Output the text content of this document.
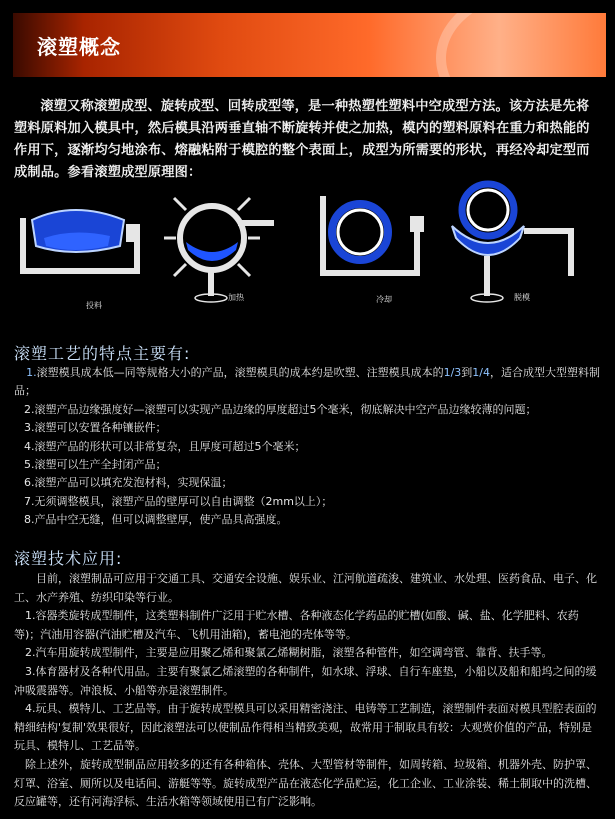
滚塑概念
滚塑又称滚塑成型、旋转成型、回转成型等，是一种热塑性塑料中空成型方法。该方法是先将塑料原料加入模具中，然后模具沿两垂直轴不断旋转并使之加热，模内的塑料原料在重力和热能的作用下，逐渐均匀地涂布、熔融粘附于模腔的整个表面上，成型为所需要的形状，再经冷却定型而成制品。参看滚塑成型原理图：
投料
加热	冷却	脱模
滚塑工艺的特点主要有:

1.滚塑模具成本低—同等规格大小的产品，滚塑模具的成本约是吹塑、注塑模具成本的1/3到1/4，适合成型大型塑料制品；

2.滚塑产品边缘强度好—滚塑可以实现产品边缘的厚度超过5个毫米，彻底解决中空产品边缘较薄的问题；

3.滚塑可以安置各种镶嵌件；

4.滚塑产品的形状可以非常复杂，且厚度可超过5个毫米；

5.滚塑可以生产全封闭产品；

6.滚塑产品可以填充发泡材料，实现保温；

7.无须调整模具，滚塑产品的壁厚可以自由调整（2mm以上）；

8.产品中空无缝，但可以调整壁厚，使产品具高强度。

滚塑技术应用:

目前，滚塑制品可应用于交通工具、交通安全设施、娱乐业、江河航道疏浚、建筑业、水处理、医药食品、电子、化工、水产养殖、纺织印染等行业。

1.容器类旋转成型制件，这类塑料制件广泛用于贮水槽、各种液态化学药品的贮槽(如酸、碱、盐、化学肥料、农药等)；汽油用容器(汽油贮槽及汽车、飞机用油箱)，蓄电池的壳体等等。

2.汽车用旋转成型制件，主要是应用聚乙烯和聚氯乙烯糊树脂，滚塑各种管件，如空调弯管、靠背、扶手等。

3.体育器材及各种代用品。主要有聚氯乙烯滚塑的各种制件，如水球、浮球、自行车座垫，小船以及船和船坞之间的缓冲吸震器等。冲浪板、小船等亦是滚塑制件。

4.玩具、模特儿、工艺品等。由于旋转成型模具可以采用精密浇注、电铸等工艺制造，滚塑制件表面对模具型腔表面的精细结构'复制'效果很好，因此滚塑法可以使制品作得相当精致美观，故常用于制取具有较：大观赏价值的产品，特别是玩具、模特儿、工艺品等。

除上述外，旋转成型制品应用较多的还有各种箱体、壳体、大型管材等制件，如周转箱、垃圾箱、机器外壳、防护罩、灯罩、浴室、厕所以及电话间、游艇等等。旋转成型产品在液态化学品贮运，化工企业、工业涂装、稀土制取中的洗槽、反应罐等，还有河海浮标、生活水箱等领域使用已有广泛影响。
